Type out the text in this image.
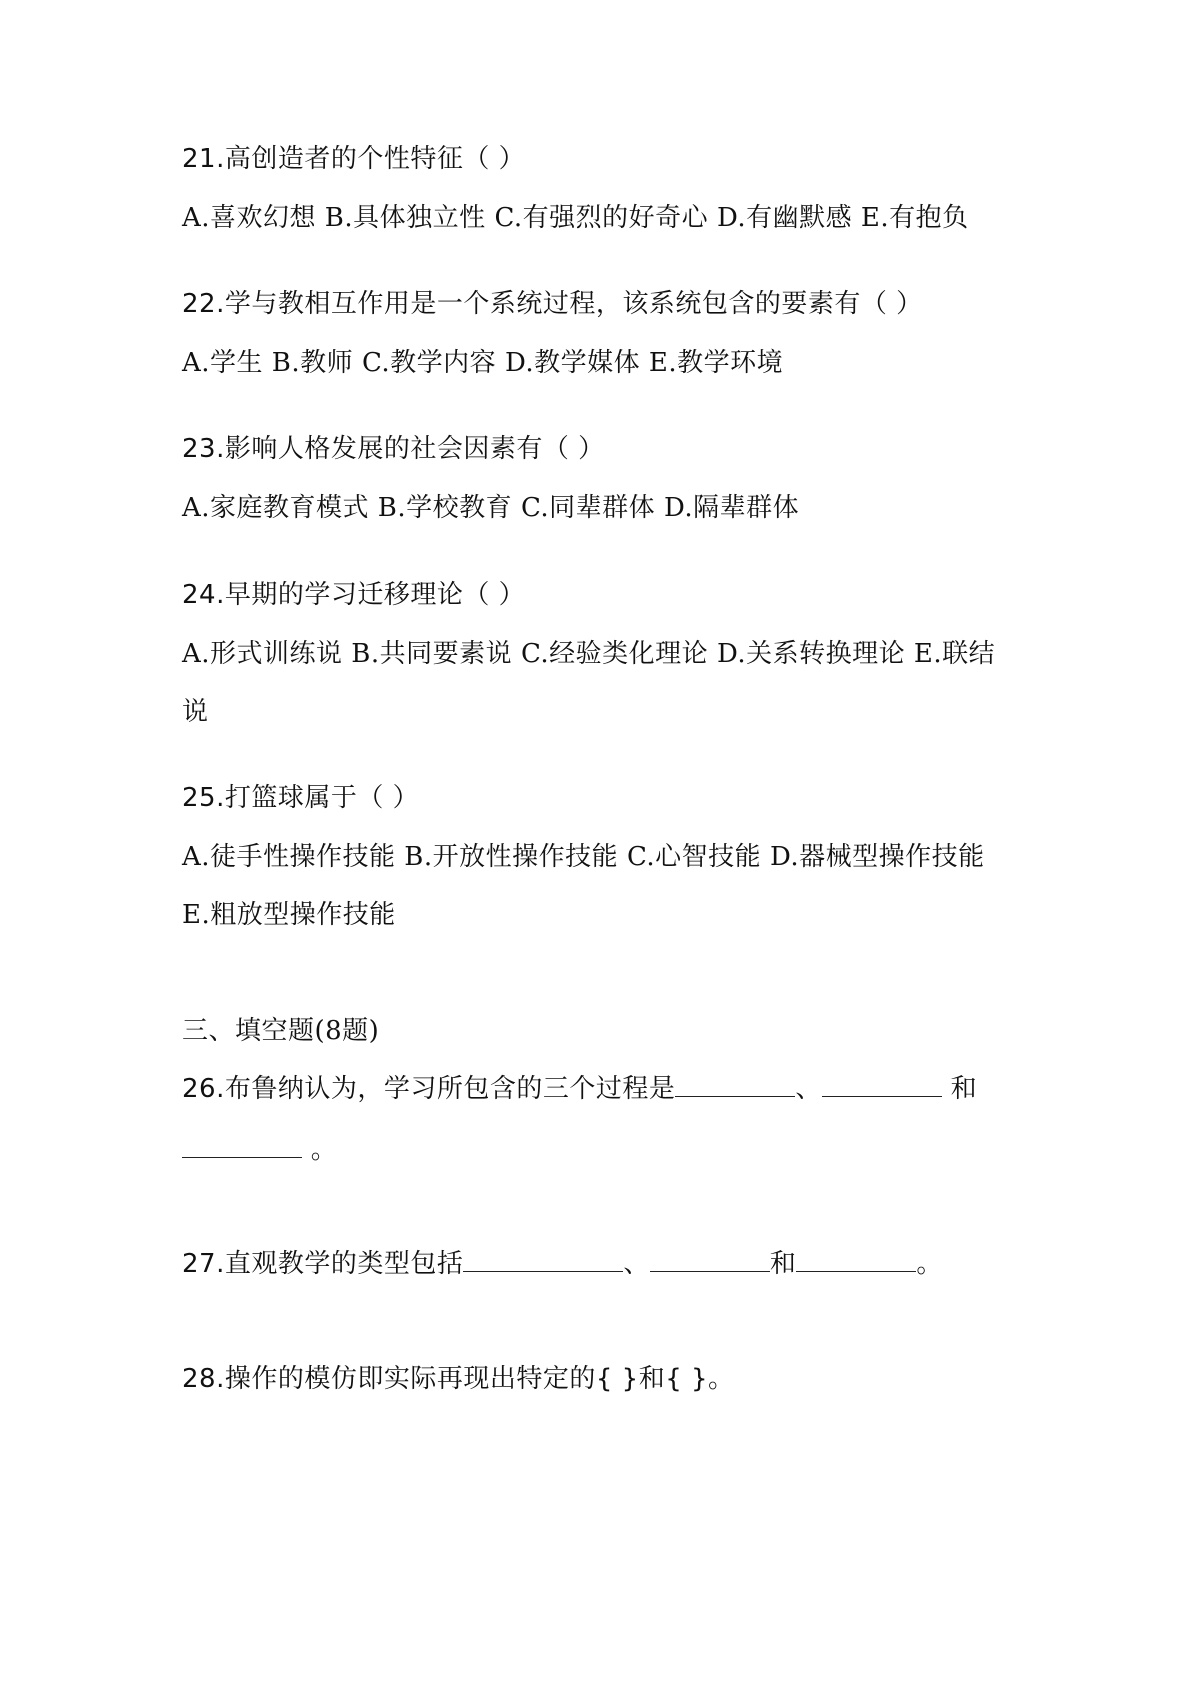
21.高创造者的个性特征（ ）
A.喜欢幻想 B.具体独立性 C.有强烈的好奇心 D.有幽默感 E.有抱负
22.学与教相互作用是一个系统过程，该系统包含的要素有（ ）
A.学生 B.教师 C.教学内容 D.教学媒体 E.教学环境
23.影响人格发展的社会因素有（ ）
A.家庭教育模式 B.学校教育 C.同辈群体 D.隔辈群体
24.早期的学习迁移理论（ ）
A.形式训练说 B.共同要素说 C.经验类化理论 D.关系转换理论 E.联结
说
25.打篮球属于（ ）
A.徒手性操作技能 B.开放性操作技能 C.心智技能 D.器械型操作技能
E.粗放型操作技能
三、填空题(8题)
26.布鲁纳认为，学习所包含的三个过程是	、	和
。
27.直观教学的类型包括	、	和	。
28.操作的模仿即实际再现出特定的{ }和{ }。
